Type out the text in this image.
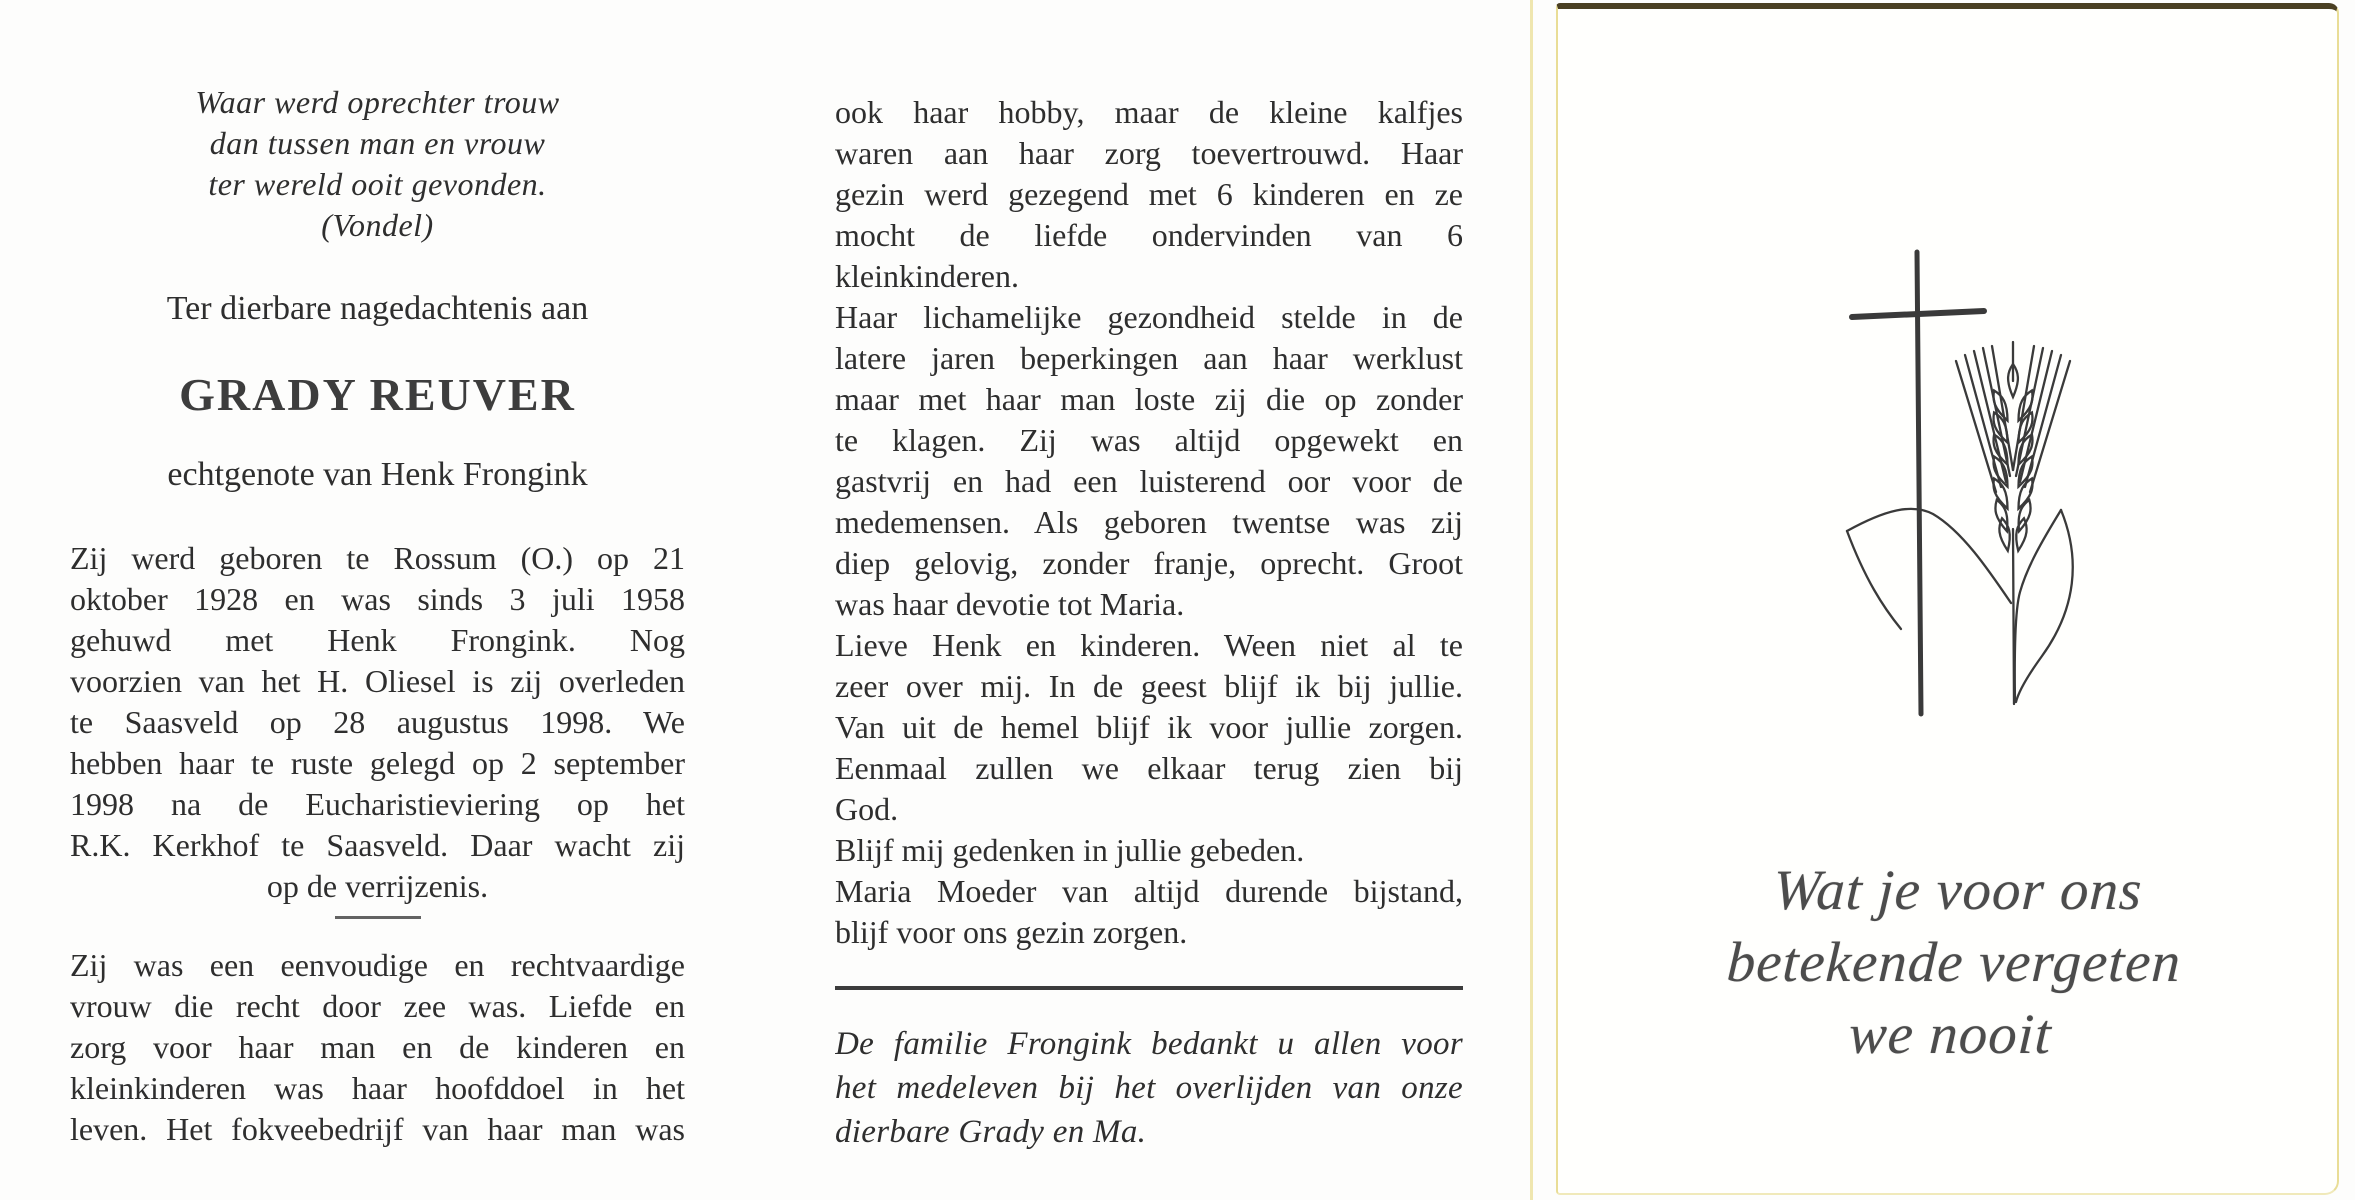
Waar werd oprechter trouw
dan tussen man en vrouw
ter wereld ooit gevonden.
(Vondel)
Ter dierbare nagedachtenis aan
GRADY REUVER
echtgenote van Henk Frongink
Zij werd geboren te Rossum (O.) op 21
oktober 1928 en was sinds 3 juli 1958
gehuwd met Henk Frongink. Nog
voorzien van het H. Oliesel is zij overleden
te Saasveld op 28 augustus 1998. We
hebben haar te ruste gelegd op 2 september
1998 na de Eucharistieviering op het
R.K. Kerkhof te Saasveld. Daar wacht zij
op de verrijzenis.
Zij was een eenvoudige en rechtvaardige
vrouw die recht door zee was. Liefde en
zorg voor haar man en de kinderen en
kleinkinderen was haar hoofddoel in het
leven. Het fokveebedrijf van haar man was
ook haar hobby, maar de kleine kalfjes
waren aan haar zorg toevertrouwd. Haar
gezin werd gezegend met 6 kinderen en ze
mocht de liefde ondervinden van 6
kleinkinderen.
Haar lichamelijke gezondheid stelde in de
latere jaren beperkingen aan haar werklust
maar met haar man loste zij die op zonder
te klagen. Zij was altijd opgewekt en
gastvrij en had een luisterend oor voor de
medemensen. Als geboren twentse was zij
diep gelovig, zonder franje, oprecht. Groot
was haar devotie tot Maria.
Lieve Henk en kinderen. Ween niet al te
zeer over mij. In de geest blijf ik bij jullie.
Van uit de hemel blijf ik voor jullie zorgen.
Eenmaal zullen we elkaar terug zien bij
God.
Blijf mij gedenken in jullie gebeden.
Maria Moeder van altijd durende bijstand,
blijf voor ons gezin zorgen.
De familie Frongink bedankt u allen voor
het medeleven bij het overlijden van onze
dierbare Grady en Ma.
Wat je voor ons
betekende vergeten
we nooit
